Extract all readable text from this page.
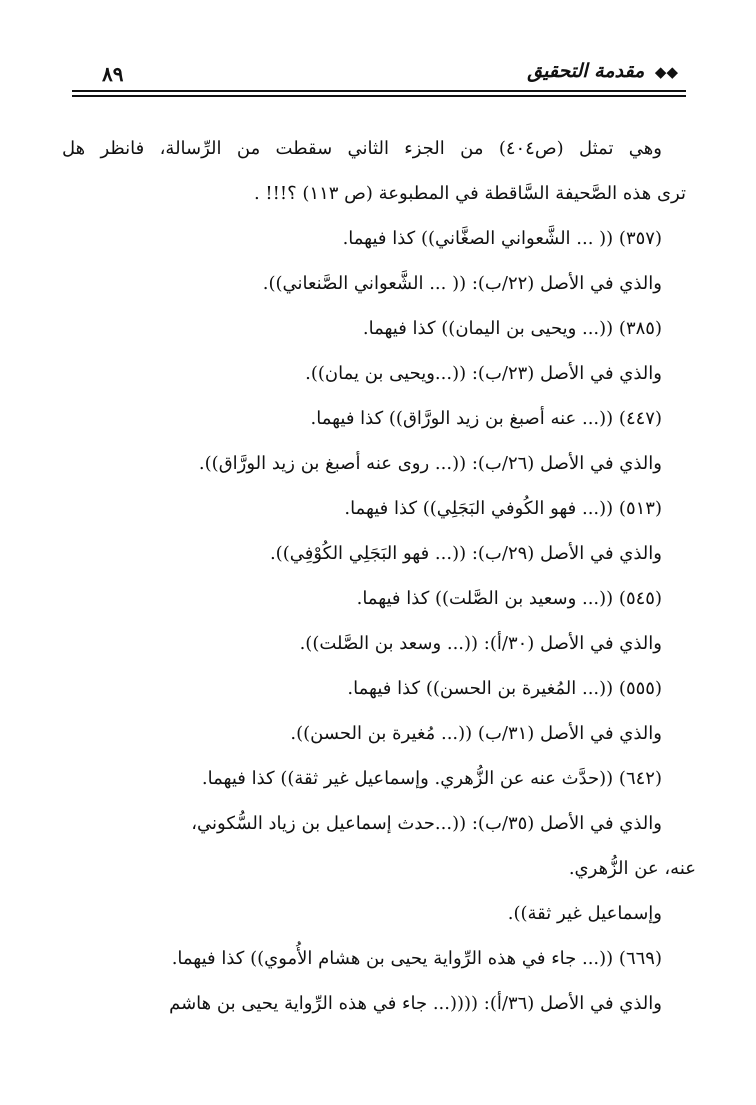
◆◆ مقدمة التحقيق
٨٩
وهي تمثل (ص٤٠٤) من الجزء الثاني سقطت من الرِّسالة، فانظر هل
ترى هذه الصَّحيفة السَّاقطة في المطبوعة (ص ١١٣) ؟!!! .
(٣٥٧) (( ... الشَّعواني الصغَّاني)) كذا فيهما.
والذي في الأصل (٢٢/ب): (( ... الشَّعواني الصَّنعاني)).
(٣٨٥) ((... ويحيى بن اليمان)) كذا فيهما.
والذي في الأصل (٢٣/ب): ((...ويحيى بن يمان)).
(٤٤٧) ((... عنه أصبغ بن زيد الورَّاق)) كذا فيهما.
والذي في الأصل (٢٦/ب): ((... روى عنه أصبغ بن زيد الورَّاق)).
(٥١٣) ((... فهو الكُوفي البَجَلِي)) كذا فيهما.
والذي في الأصل (٢٩/ب): ((... فهو البَجَلِي الكُوْفِي)).
(٥٤٥) ((... وسعيد بن الصَّلت)) كذا فيهما.
والذي في الأصل (٣٠/أ): ((... وسعد بن الصَّلت)).
(٥٥٥) ((... المُغيرة بن الحسن)) كذا فيهما.
والذي في الأصل (٣١/ب) ((... مُغيرة بن الحسن)).
(٦٤٢) ((حدَّث عنه عن الزُّهري. وإسماعيل غير ثقة)) كذا فيهما.
والذي في الأصل (٣٥/ب): ((...حدث إسماعيل بن زياد السُّكوني،
عنه، عن الزُّهري.
وإسماعيل غير ثقة)).
(٦٦٩) ((... جاء في هذه الرِّواية يحيى بن هشام الأُموي)) كذا فيهما.
والذي في الأصل (٣٦/أ): ((((... جاء في هذه الرِّواية يحيى بن هاشم
